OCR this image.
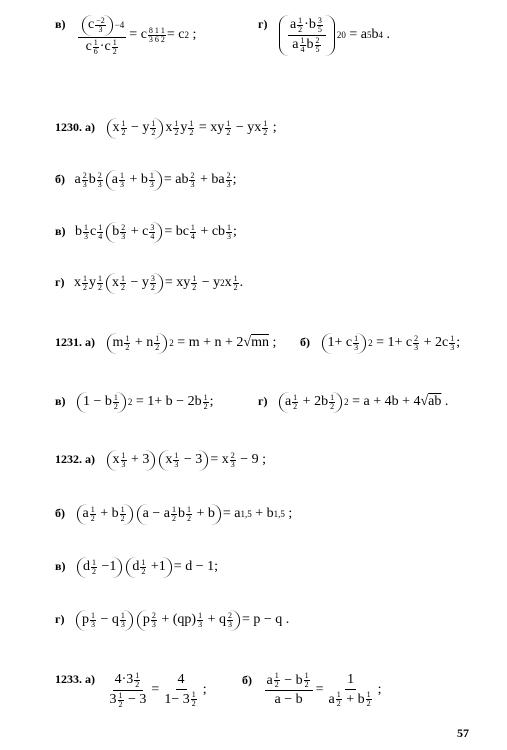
в) c −2
3 −4
c 1
6 ·c 1
2 = c 8 1 1
3 6 2 = c 2 ;
г) a 1
2 ·b 3
5
a 1
4 b 2
5 20 = a 5 b 4 .
1230. а)	x 1
2 − y 1
2 x 1
2 y 1
2 = xy 1
2 − yx 1
2 ;
б) a 2
3 b 2
3 a 1
3 + b 1
3 = ab 2
3 + ba 2
3 ;
в) b 1
3 c 1
4 b 2
3 + c 3
4 = bc 1
4 + cb 1
3 ;
г) x 1
2 y 1
2 x 1
2 − y 3
2 = xy 1
2 − y 2 x 1
2 .
1231. а)	m 1
2 + n 1
2 2 = m + n + 2√ mn ; б)	1+ c 1
3 2 = 1+ c 2
3 + 2c 1
3 ;
в)	1 − b 1
2 2 = 1+ b − 2b 1
2 ;	г)	a 1
2 + 2b 1
2 2 = a + 4b + 4√ ab .
1232. а)	x 1
3 + 3	x 1
3 − 3 = x 2
3 − 9 ;
б)	a 1
2 + b 1
2	a − a 1
2 b 1
2 + b = a 1,5 + b 1,5 ;
в)	d 1
2 −1	d 1
2 +1 = d − 1;
г)	p 1
3 − q 1
3	p 2
3 + (qp) 1
3 + q 2
3 = p − q .
1233. а) 4·3 1
2
3 1
2 − 3 = 4
1− 3 1
2 ;
б) a 1
2 − b 1
2
a − b = 1
a 1
2 + b 1
2 ;
57
